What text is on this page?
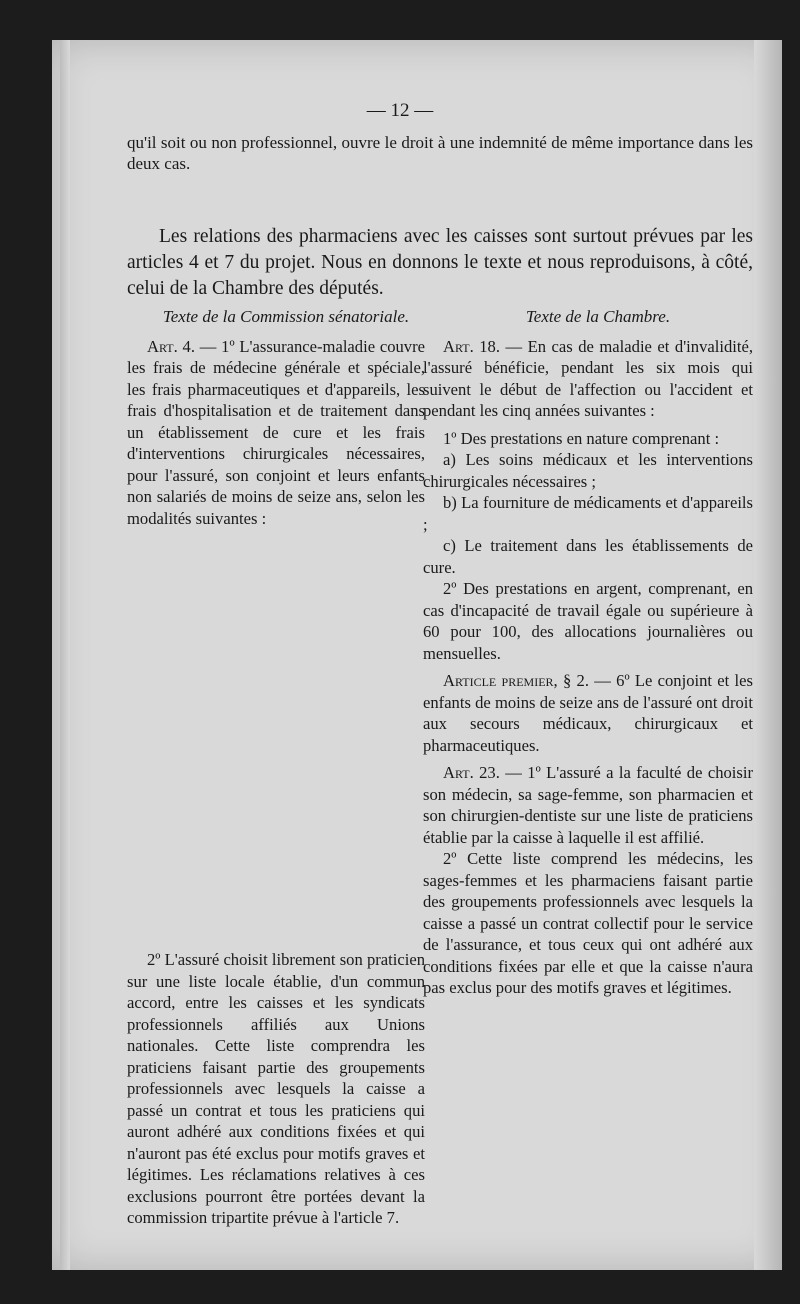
— 12 —

qu'il soit ou non professionnel, ouvre le droit à une indemnité de même importance dans les deux cas.

Les relations des pharmaciens avec les caisses sont surtout prévues par les articles 4 et 7 du projet. Nous en donnons le texte et nous reproduisons, à côté, celui de la Chambre des députés.

Texte de la Commission sénatoriale.

Art. 4. — 1º L'assurance-maladie couvre les frais de médecine générale et spéciale, les frais pharmaceutiques et d'appareils, les frais d'hospitalisation et de traitement dans un établissement de cure et les frais d'interventions chirurgicales nécessaires, pour l'assuré, son conjoint et leurs enfants non salariés de moins de seize ans, selon les modalités suivantes :

2º L'assuré choisit librement son praticien sur une liste locale établie, d'un commun accord, entre les caisses et les syndicats professionnels affiliés aux Unions nationales. Cette liste comprendra les praticiens faisant partie des groupements professionnels avec lesquels la caisse a passé un contrat et tous les praticiens qui auront adhéré aux conditions fixées et qui n'auront pas été exclus pour motifs graves et légitimes. Les réclamations relatives à ces exclusions pourront être portées devant la commission tripartite prévue à l'article 7.

Texte de la Chambre.

Art. 18. — En cas de maladie et d'invalidité, l'assuré bénéficie, pendant les six mois qui suivent le début de l'affection ou l'accident et pendant les cinq années suivantes :

1º Des prestations en nature comprenant :

a) Les soins médicaux et les interventions chirurgicales nécessaires ;

b) La fourniture de médicaments et d'appareils ;

c) Le traitement dans les établissements de cure.

2º Des prestations en argent, comprenant, en cas d'incapacité de travail égale ou supérieure à 60 pour 100, des allocations journalières ou mensuelles.

Article premier, § 2. — 6º Le conjoint et les enfants de moins de seize ans de l'assuré ont droit aux secours médicaux, chirurgicaux et pharmaceutiques.

Art. 23. — 1º L'assuré a la faculté de choisir son médecin, sa sage-femme, son pharmacien et son chirurgien-dentiste sur une liste de praticiens établie par la caisse à laquelle il est affilié.

2º Cette liste comprend les médecins, les sages-femmes et les pharmaciens faisant partie des groupements professionnels avec lesquels la caisse a passé un contrat collectif pour le service de l'assurance, et tous ceux qui ont adhéré aux conditions fixées par elle et que la caisse n'aura pas exclus pour des motifs graves et légitimes.
